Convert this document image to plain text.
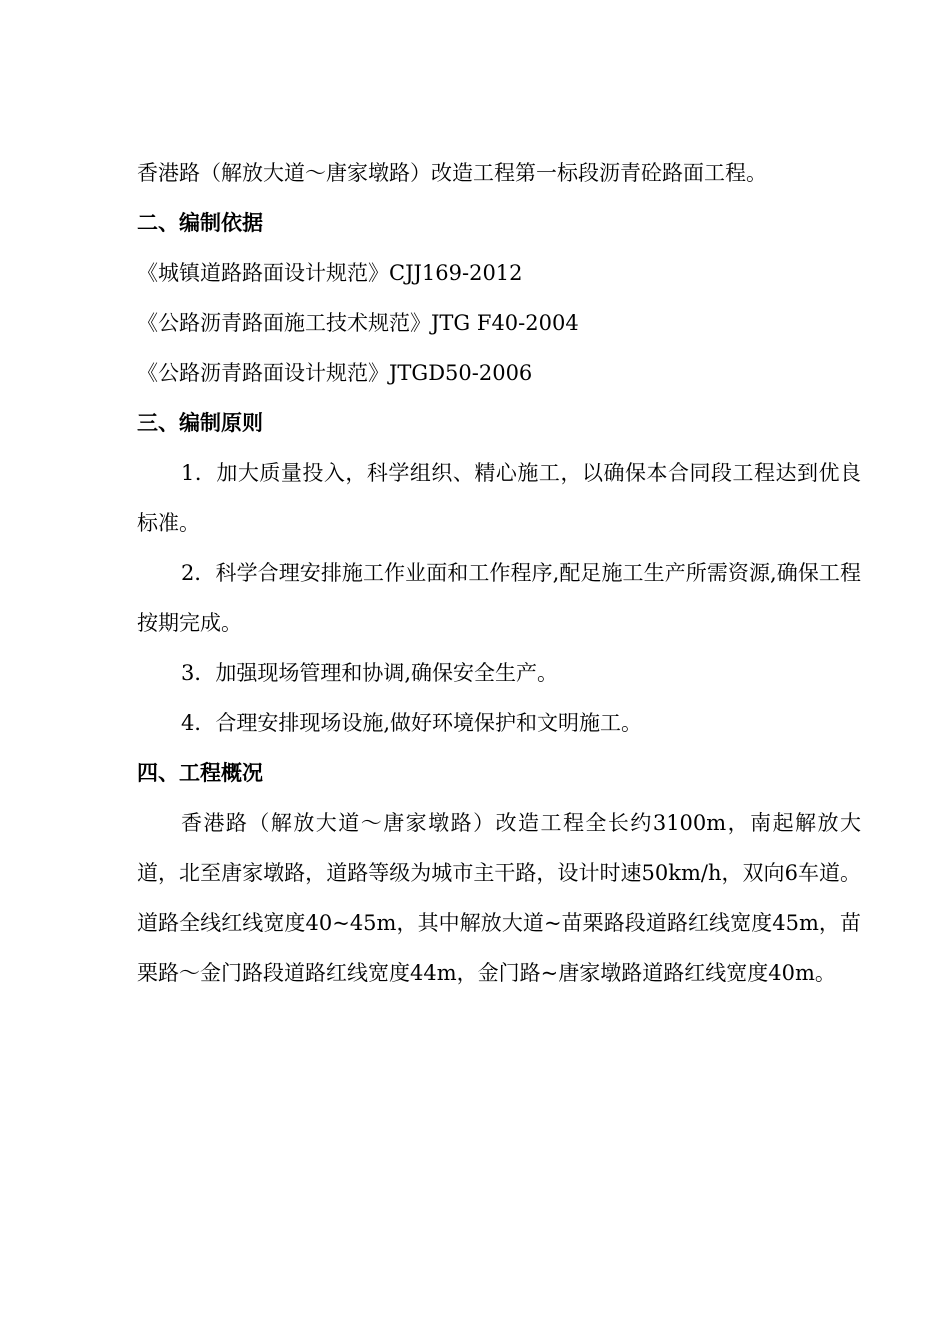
香港路（解放大道～唐家墩路）改造工程第一标段沥青砼路面工程。
二、编制依据
《城镇道路路面设计规范》CJJ169-2012
《公路沥青路面施工技术规范》JTG F40-2004
《公路沥青路面设计规范》JTGD50-2006
三、编制原则

1．加大质量投入，科学组织、精心施工，以确保本合同段工程达到优良标准。

2．科学合理安排施工作业面和工作程序,配足施工生产所需资源,确保工程按期完成。

3．加强现场管理和协调,确保安全生产。

4．合理安排现场设施,做好环境保护和文明施工。

四、工程概况

香港路（解放大道～唐家墩路）改造工程全长约3100m，南起解放大道，北至唐家墩路，道路等级为城市主干路，设计时速50km/h，双向6车道。道路全线红线宽度40~45m，其中解放大道~苗栗路段道路红线宽度45m，苗栗路～金门路段道路红线宽度44m，金门路~唐家墩路道路红线宽度40m。
